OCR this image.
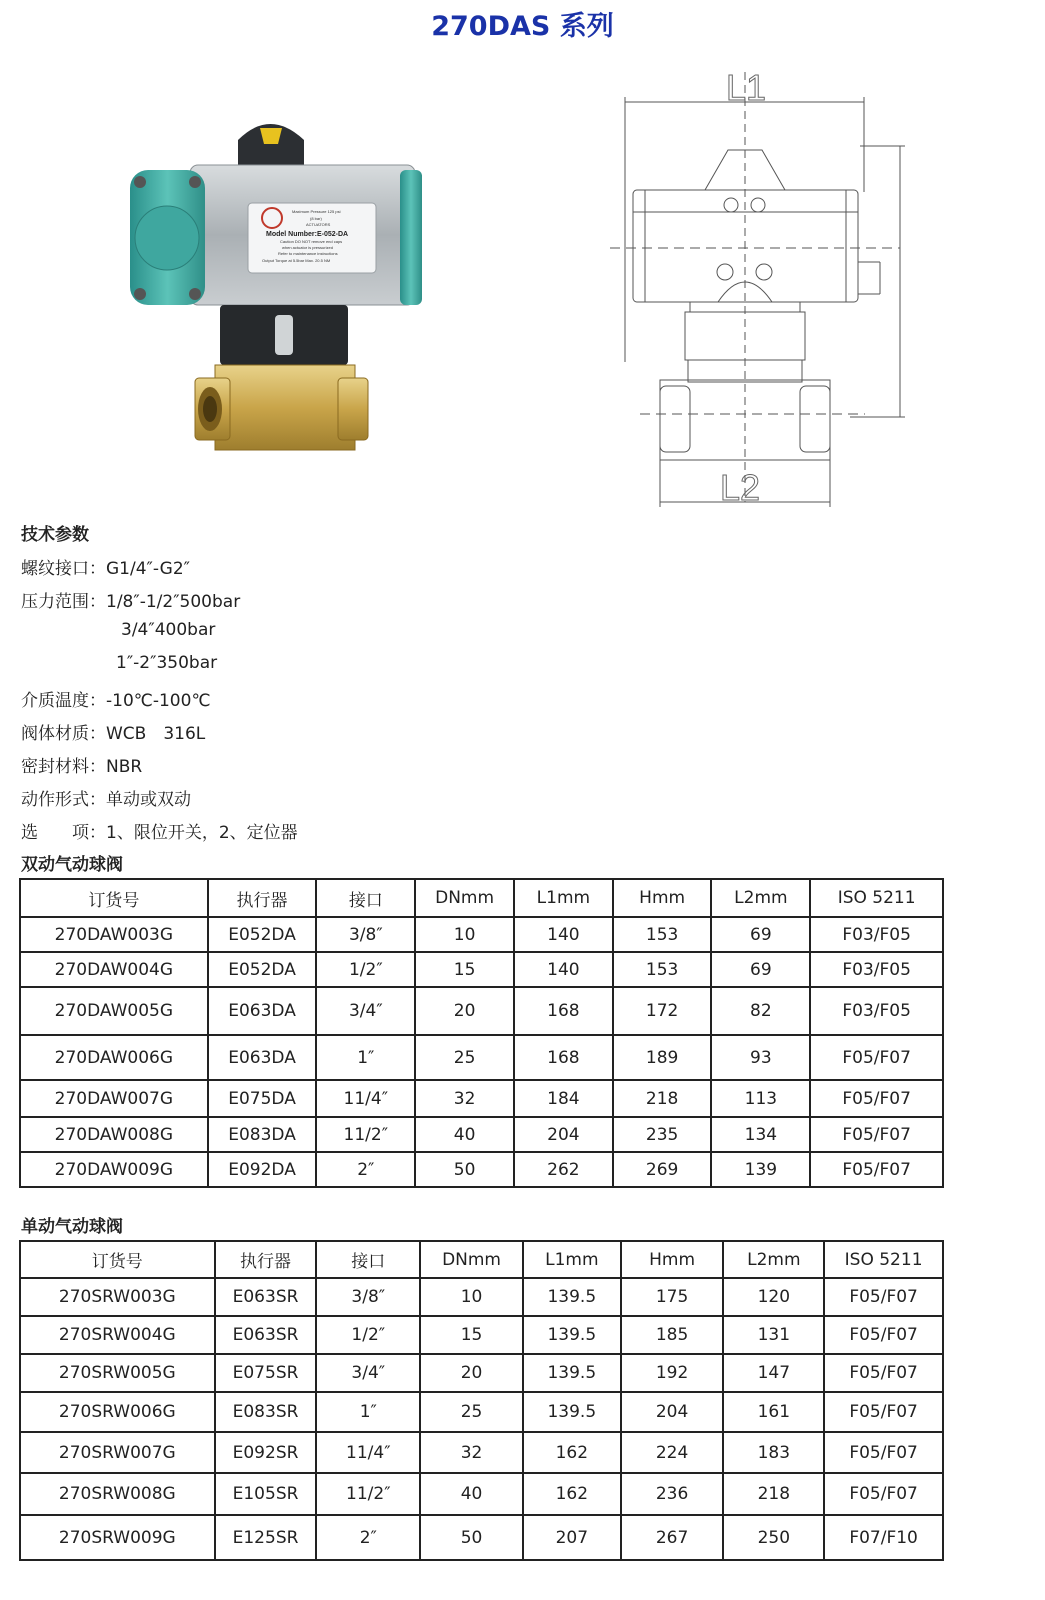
270DAS 系列
Maximum Pressure 125 psi
(8 bar)
ACTUATORS
Model Number:E-052-DA
Caution DO NOT remove end caps
when actuator is pressurized
Refer to maintenance instructions
Output Torque at 5.5bar Max. 20.5 NM
L1
L2
技术参数
螺纹接口：G1/4″-G2″
压力范围：1/8″-1/2″500bar
3/4″400bar
1″-2″350bar
介质温度：-10℃-100℃
阀体材质：WCB　316L
密封材料：NBR
动作形式：单动或双动
选　　项：1、限位开关，2、定位器
双动气动球阀
订货号	执行器	接口	DNmm	L1mm	Hmm	L2mm	ISO 5211
270DAW003G	E052DA	3/8″	10	140	153	69	F03/F05
270DAW004G	E052DA	1/2″	15	140	153	69	F03/F05
270DAW005G	E063DA	3/4″	20	168	172	82	F03/F05
270DAW006G	E063DA	1″	25	168	189	93	F05/F07
270DAW007G	E075DA	11/4″	32	184	218	113	F05/F07
270DAW008G	E083DA	11/2″	40	204	235	134	F05/F07
270DAW009G	E092DA	2″	50	262	269	139	F05/F07
单动气动球阀
订货号	执行器	接口	DNmm	L1mm	Hmm	L2mm	ISO 5211
270SRW003G	E063SR	3/8″	10	139.5	175	120	F05/F07
270SRW004G	E063SR	1/2″	15	139.5	185	131	F05/F07
270SRW005G	E075SR	3/4″	20	139.5	192	147	F05/F07
270SRW006G	E083SR	1″	25	139.5	204	161	F05/F07
270SRW007G	E092SR	11/4″	32	162	224	183	F05/F07
270SRW008G	E105SR	11/2″	40	162	236	218	F05/F07
270SRW009G	E125SR	2″	50	207	267	250	F07/F10
